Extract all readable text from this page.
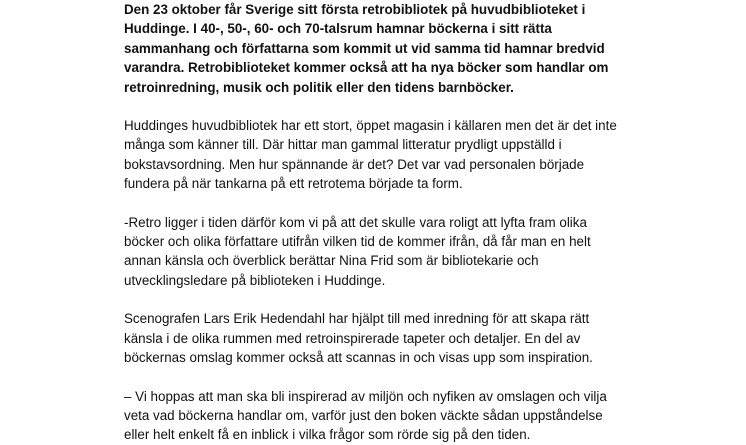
Den 23 oktober får Sverige sitt första retrobibliotek på huvudbiblioteket i
Huddinge. I 40-, 50-, 60- och 70-talsrum hamnar böckerna i sitt rätta
sammanhang och författarna som kommit ut vid samma tid hamnar bredvid
varandra. Retrobiblioteket kommer också att ha nya böcker som handlar om
retroinredning, musik och politik eller den tidens barnböcker.

Huddinges huvudbibliotek har ett stort, öppet magasin i källaren men det är det inte
många som känner till. Där hittar man gammal litteratur prydligt uppställd i
bokstavsordning. Men hur spännande är det? Det var vad personalen började
fundera på när tankarna på ett retrotema började ta form.

-Retro ligger i tiden därför kom vi på att det skulle vara roligt att lyfta fram olika
böcker och olika författare utifrån vilken tid de kommer ifrån, då får man en helt
annan känsla och överblick berättar Nina Frid som är bibliotekarie och
utvecklingsledare på biblioteken i Huddinge.

Scenografen Lars Erik Hedendahl har hjälpt till med inredning för att skapa rätt
känsla i de olika rummen med retroinspirerade tapeter och detaljer. En del av
böckernas omslag kommer också att scannas in och visas upp som inspiration.

– Vi hoppas att man ska bli inspirerad av miljön och nyfiken av omslagen och vilja
veta vad böckerna handlar om, varför just den boken väckte sådan uppståndelse
eller helt enkelt få en inblick i vilka frågor som rörde sig på den tiden.
